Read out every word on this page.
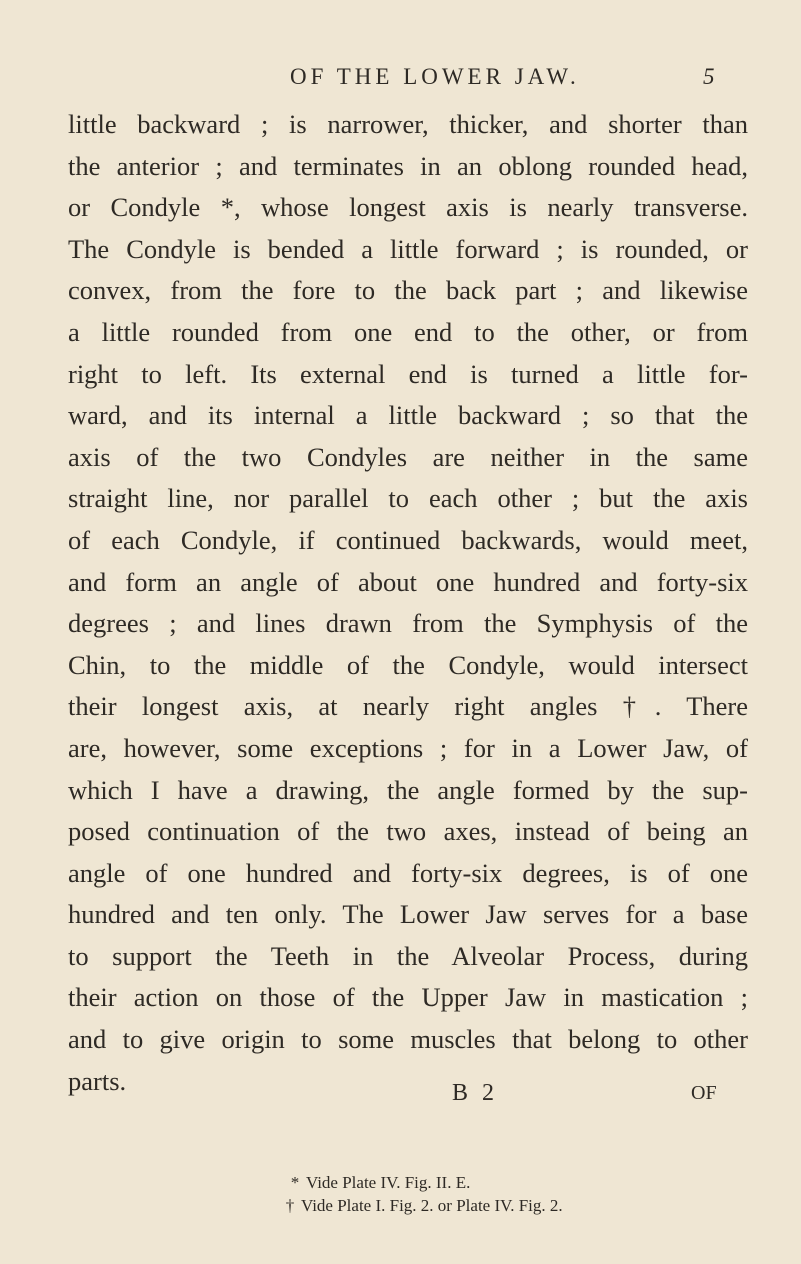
OF THE LOWER JAW.	5
little backward ; is narrower, thicker, and shorter than
the anterior ; and terminates in an oblong rounded head,
or Condyle *, whose longest axis is nearly transverse.
The Condyle is bended a little forward ; is rounded, or
convex, from the fore to the back part ; and likewise
a little rounded from one end to the other, or from
right to left. Its external end is turned a little for-
ward, and its internal a little backward ; so that the
axis of the two Condyles are neither in the same
straight line, nor parallel to each other ; but the axis
of each Condyle, if continued backwards, would meet,
and form an angle of about one hundred and forty-six
degrees ; and lines drawn from the Symphysis of the
Chin, to the middle of the Condyle, would intersect
their longest axis, at nearly right angles †. There
are, however, some exceptions ; for in a Lower Jaw, of
which I have a drawing, the angle formed by the sup-
posed continuation of the two axes, instead of being an
angle of one hundred and forty-six degrees, is of one
hundred and ten only. The Lower Jaw serves for a base
to support the Teeth in the Alveolar Process, during
their action on those of the Upper Jaw in mastication ;
and to give origin to some muscles that belong to other
parts.	B 2	OF
* Vide Plate IV. Fig. II. E.
† Vide Plate I. Fig. 2. or Plate IV. Fig. 2.
